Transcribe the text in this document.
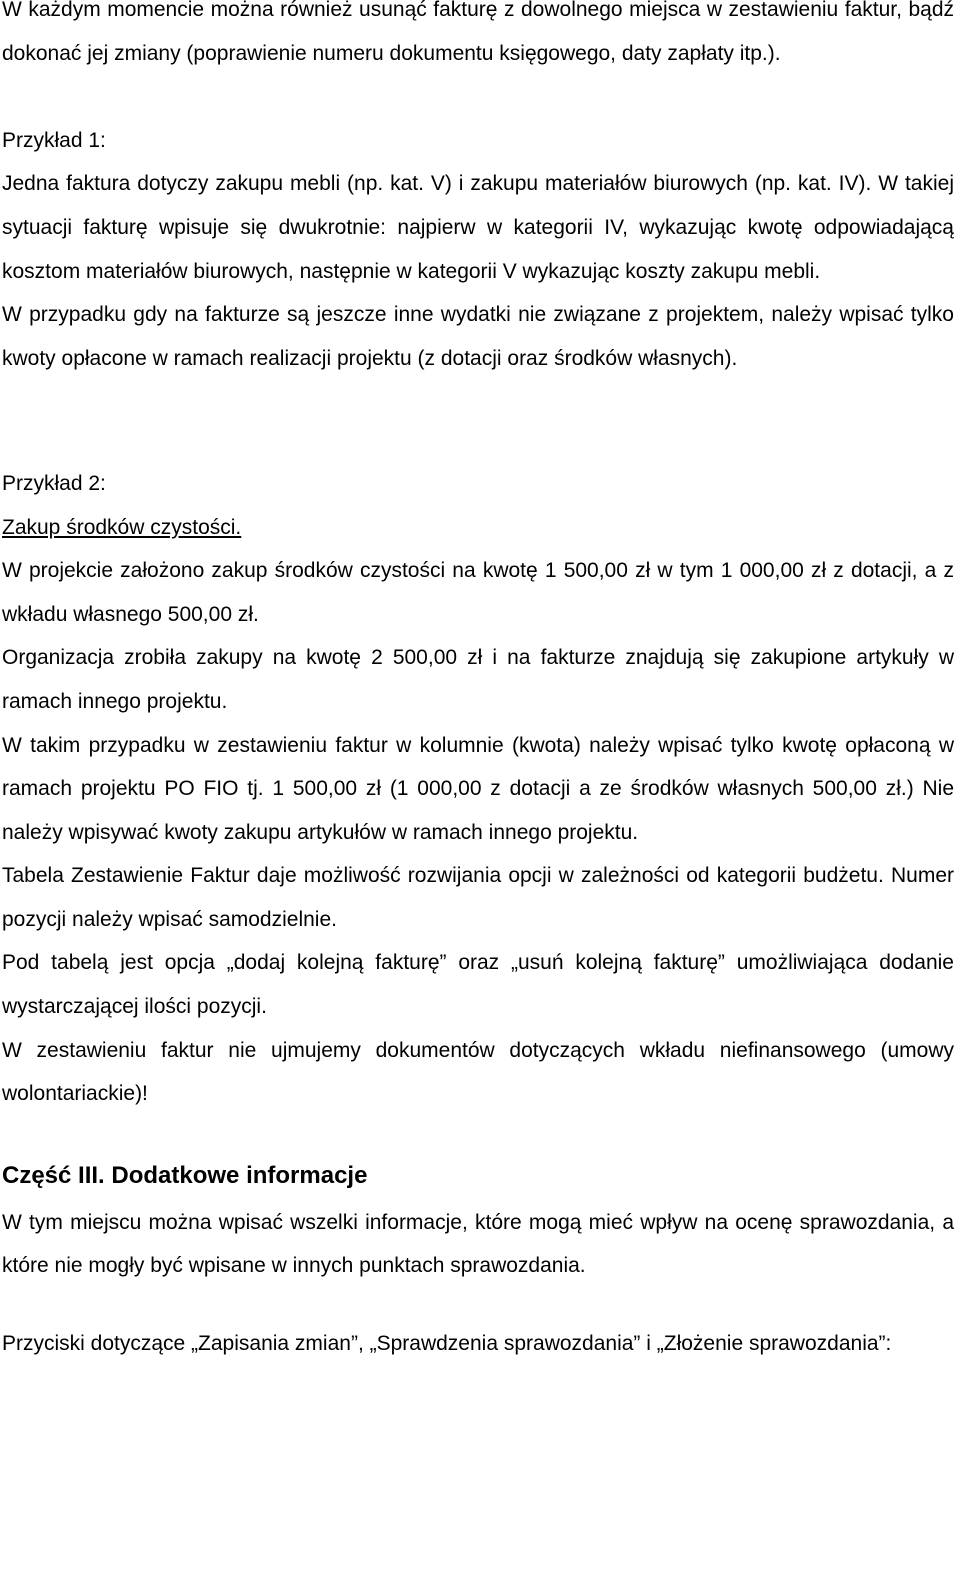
W każdym momencie można również usunąć fakturę z dowolnego miejsca w zestawieniu faktur, bądź dokonać jej zmiany (poprawienie numeru dokumentu księgowego, daty zapłaty itp.).

Przykład 1:

Jedna faktura dotyczy zakupu mebli (np. kat. V) i zakupu materiałów biurowych (np. kat. IV). W takiej sytuacji fakturę wpisuje się dwukrotnie: najpierw w kategorii IV, wykazując kwotę odpowiadającą kosztom materiałów biurowych, następnie w kategorii V wykazując koszty zakupu mebli.

W przypadku gdy na fakturze są jeszcze inne wydatki nie związane z projektem, należy wpisać tylko kwoty opłacone w ramach realizacji projektu (z dotacji oraz środków własnych).

Przykład 2:

Zakup środków czystości.

W projekcie założono zakup środków czystości na kwotę 1 500,00 zł w tym 1 000,00 zł z dotacji, a z wkładu własnego 500,00 zł.

Organizacja zrobiła zakupy na kwotę 2 500,00 zł i na fakturze znajdują się zakupione artykuły w ramach innego projektu.

W takim przypadku w zestawieniu faktur w kolumnie (kwota) należy wpisać tylko kwotę opłaconą w ramach projektu PO FIO tj. 1 500,00 zł (1 000,00 z dotacji a ze środków własnych 500,00 zł.) Nie należy wpisywać kwoty zakupu artykułów w ramach innego projektu.

Tabela Zestawienie Faktur daje możliwość rozwijania opcji w zależności od kategorii budżetu. Numer pozycji należy wpisać samodzielnie.

Pod tabelą jest opcja „dodaj kolejną fakturę” oraz „usuń kolejną fakturę” umożliwiająca dodanie wystarczającej ilości pozycji.

W zestawieniu faktur nie ujmujemy dokumentów dotyczących wkładu niefinansowego (umowy wolontariackie)!

Część III. Dodatkowe informacje

W tym miejscu można wpisać wszelki informacje, które mogą mieć wpływ na ocenę sprawozdania, a które nie mogły być wpisane w innych punktach sprawozdania.

Przyciski dotyczące „Zapisania zmian”, „Sprawdzenia sprawozdania” i „Złożenie sprawozdania”:
